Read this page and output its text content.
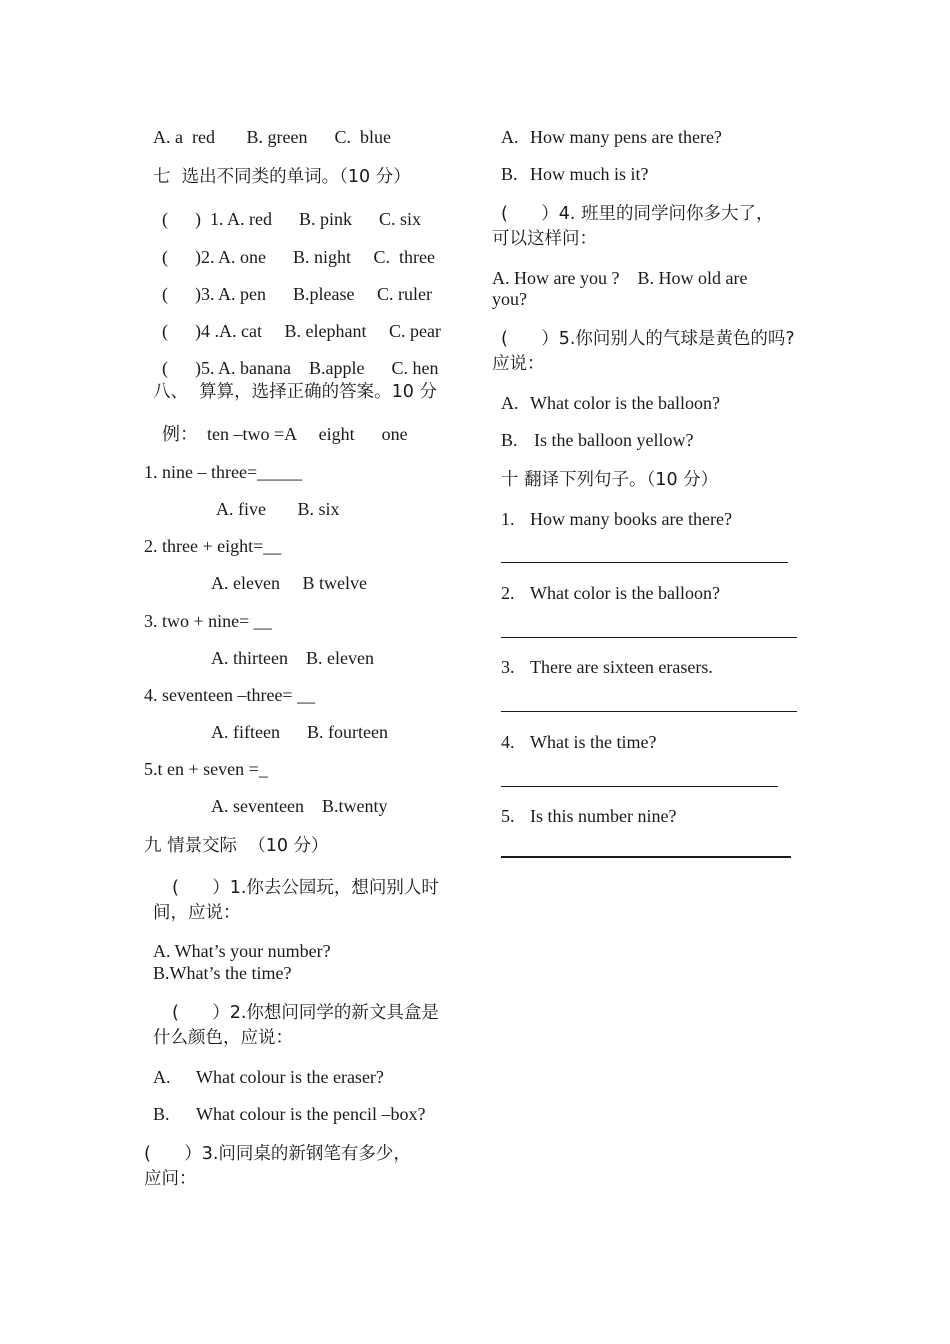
A. a  red       B. green      C.  blue
七  选出不同类的单词。（10 分）
(      )  1. A. red      B. pink      C. six
(      )2. A. one      B. night     C.  three
(      )3. A. pen      B.please     C. ruler
(      )4 .A. cat     B. elephant     C. pear
(      )5. A. banana    B.apple      C. hen
八、  算算，选择正确的答案。10 分
例：  ten –two =A     eight      one
1. nine – three=_____
A. five       B. six
2. three + eight=__
A. eleven     B twelve
3. two + nine= __
A. thirteen    B. eleven
4. seventeen –three= __
A. fifteen      B. fourteen
5.t en + seven =_
A. seventeen    B.twenty
九 情景交际  （10 分）
(      ）1.你去公园玩，想问别人时
间，应说：
A. What’s your number?
B.What’s the time?
(      ）2.你想问同学的新文具盒是
什么颜色，应说：
A. What colour is the eraser?
B. What colour is the pencil –box?
(      ）3.问同桌的新钢笔有多少，
应问：
A. How many pens are there?
B. How much is it?
(      ）4. 班里的同学问你多大了，
可以这样问：
A. How are you ?    B. How old are
you?
(      ）5.你问别人的气球是黄色的吗?
应说：
A. What color is the balloon?
B. Is the balloon yellow?
十 翻译下列句子。（10 分）
1. How many books are there?
2. What color is the balloon?
3. There are sixteen erasers.
4. What is the time?
5. Is this number nine?
